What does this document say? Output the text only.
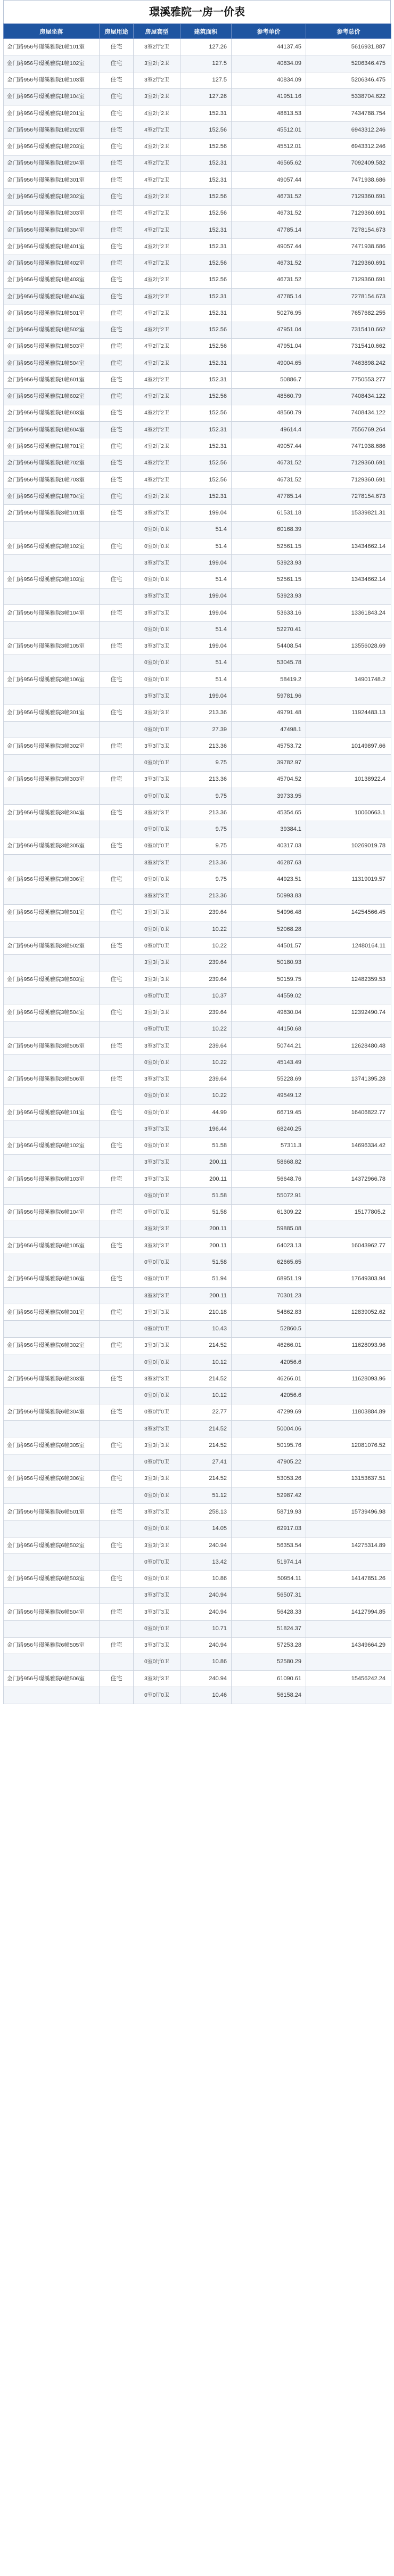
璟溪雅院一房一价表
房屋坐落	房屋用途	房屋套型	建筑面积	参考单价	参考总价
金门路956号璟溪雅院1幢101室	住宅	3室2厅2卫	127.26	44137.45	5616931.887
金门路956号璟溪雅院1幢102室	住宅	3室2厅2卫	127.5	40834.09	5206346.475
金门路956号璟溪雅院1幢103室	住宅	3室2厅2卫	127.5	40834.09	5206346.475
金门路956号璟溪雅院1幢104室	住宅	3室2厅2卫	127.26	41951.16	5338704.622
金门路956号璟溪雅院1幢201室	住宅	4室2厅2卫	152.31	48813.53	7434788.754
金门路956号璟溪雅院1幢202室	住宅	4室2厅2卫	152.56	45512.01	6943312.246
金门路956号璟溪雅院1幢203室	住宅	4室2厅2卫	152.56	45512.01	6943312.246
金门路956号璟溪雅院1幢204室	住宅	4室2厅2卫	152.31	46565.62	7092409.582
金门路956号璟溪雅院1幢301室	住宅	4室2厅2卫	152.31	49057.44	7471938.686
金门路956号璟溪雅院1幢302室	住宅	4室2厅2卫	152.56	46731.52	7129360.691
金门路956号璟溪雅院1幢303室	住宅	4室2厅2卫	152.56	46731.52	7129360.691
金门路956号璟溪雅院1幢304室	住宅	4室2厅2卫	152.31	47785.14	7278154.673
金门路956号璟溪雅院1幢401室	住宅	4室2厅2卫	152.31	49057.44	7471938.686
金门路956号璟溪雅院1幢402室	住宅	4室2厅2卫	152.56	46731.52	7129360.691
金门路956号璟溪雅院1幢403室	住宅	4室2厅2卫	152.56	46731.52	7129360.691
金门路956号璟溪雅院1幢404室	住宅	4室2厅2卫	152.31	47785.14	7278154.673
金门路956号璟溪雅院1幢501室	住宅	4室2厅2卫	152.31	50276.95	7657682.255
金门路956号璟溪雅院1幢502室	住宅	4室2厅2卫	152.56	47951.04	7315410.662
金门路956号璟溪雅院1幢503室	住宅	4室2厅2卫	152.56	47951.04	7315410.662
金门路956号璟溪雅院1幢504室	住宅	4室2厅2卫	152.31	49004.65	7463898.242
金门路956号璟溪雅院1幢601室	住宅	4室2厅2卫	152.31	50886.7	7750553.277
金门路956号璟溪雅院1幢602室	住宅	4室2厅2卫	152.56	48560.79	7408434.122
金门路956号璟溪雅院1幢603室	住宅	4室2厅2卫	152.56	48560.79	7408434.122
金门路956号璟溪雅院1幢604室	住宅	4室2厅2卫	152.31	49614.4	7556769.264
金门路956号璟溪雅院1幢701室	住宅	4室2厅2卫	152.31	49057.44	7471938.686
金门路956号璟溪雅院1幢702室	住宅	4室2厅2卫	152.56	46731.52	7129360.691
金门路956号璟溪雅院1幢703室	住宅	4室2厅2卫	152.56	46731.52	7129360.691
金门路956号璟溪雅院1幢704室	住宅	4室2厅2卫	152.31	47785.14	7278154.673
金门路956号璟溪雅院3幢101室	住宅	3室3厅3卫	199.04	61531.18	15339821.31
		0室0厅0卫	51.4	60168.39	
金门路956号璟溪雅院3幢102室	住宅	0室0厅0卫	51.4	52561.15	13434662.14
		3室3厅3卫	199.04	53923.93	
金门路956号璟溪雅院3幢103室	住宅	0室0厅0卫	51.4	52561.15	13434662.14
		3室3厅3卫	199.04	53923.93	
金门路956号璟溪雅院3幢104室	住宅	3室3厅3卫	199.04	53633.16	13361843.24
		0室0厅0卫	51.4	52270.41	
金门路956号璟溪雅院3幢105室	住宅	3室3厅3卫	199.04	54408.54	13556028.69
		0室0厅0卫	51.4	53045.78	
金门路956号璟溪雅院3幢106室	住宅	0室0厅0卫	51.4	58419.2	14901748.2
		3室3厅3卫	199.04	59781.96	
金门路956号璟溪雅院3幢301室	住宅	3室3厅3卫	213.36	49791.48	11924483.13
		0室0厅0卫	27.39	47498.1	
金门路956号璟溪雅院3幢302室	住宅	3室3厅3卫	213.36	45753.72	10149897.66
		0室0厅0卫	9.75	39782.97	
金门路956号璟溪雅院3幢303室	住宅	3室3厅3卫	213.36	45704.52	10138922.4
		0室0厅0卫	9.75	39733.95	
金门路956号璟溪雅院3幢304室	住宅	3室3厅3卫	213.36	45354.65	10060663.1
		0室0厅0卫	9.75	39384.1	
金门路956号璟溪雅院3幢305室	住宅	0室0厅0卫	9.75	40317.03	10269019.78
		3室3厅3卫	213.36	46287.63	
金门路956号璟溪雅院3幢306室	住宅	0室0厅0卫	9.75	44923.51	11319019.57
		3室3厅3卫	213.36	50993.83	
金门路956号璟溪雅院3幢501室	住宅	3室3厅3卫	239.64	54996.48	14254566.45
		0室0厅0卫	10.22	52068.28	
金门路956号璟溪雅院3幢502室	住宅	0室0厅0卫	10.22	44501.57	12480164.11
		3室3厅3卫	239.64	50180.93	
金门路956号璟溪雅院3幢503室	住宅	3室3厅3卫	239.64	50159.75	12482359.53
		0室0厅0卫	10.37	44559.02	
金门路956号璟溪雅院3幢504室	住宅	3室3厅3卫	239.64	49830.04	12392490.74
		0室0厅0卫	10.22	44150.68	
金门路956号璟溪雅院3幢505室	住宅	3室3厅3卫	239.64	50744.21	12628480.48
		0室0厅0卫	10.22	45143.49	
金门路956号璟溪雅院3幢506室	住宅	3室3厅3卫	239.64	55228.69	13741395.28
		0室0厅0卫	10.22	49549.12	
金门路956号璟溪雅院6幢101室	住宅	0室0厅0卫	44.99	66719.45	16406822.77
		3室3厅3卫	196.44	68240.25	
金门路956号璟溪雅院6幢102室	住宅	0室0厅0卫	51.58	57311.3	14696334.42
		3室3厅3卫	200.11	58668.82	
金门路956号璟溪雅院6幢103室	住宅	3室3厅3卫	200.11	56648.76	14372966.78
		0室0厅0卫	51.58	55072.91	
金门路956号璟溪雅院6幢104室	住宅	0室0厅0卫	51.58	61309.22	15177805.2
		3室3厅3卫	200.11	59885.08	
金门路956号璟溪雅院6幢105室	住宅	3室3厅3卫	200.11	64023.13	16043962.77
		0室0厅0卫	51.58	62665.65	
金门路956号璟溪雅院6幢106室	住宅	0室0厅0卫	51.94	68951.19	17649303.94
		3室3厅3卫	200.11	70301.23	
金门路956号璟溪雅院6幢301室	住宅	3室3厅3卫	210.18	54862.83	12839052.62
		0室0厅0卫	10.43	52860.5	
金门路956号璟溪雅院6幢302室	住宅	3室3厅3卫	214.52	46266.01	11628093.96
		0室0厅0卫	10.12	42056.6	
金门路956号璟溪雅院6幢303室	住宅	3室3厅3卫	214.52	46266.01	11628093.96
		0室0厅0卫	10.12	42056.6	
金门路956号璟溪雅院6幢304室	住宅	0室0厅0卫	22.77	47299.69	11803884.89
		3室3厅3卫	214.52	50004.06	
金门路956号璟溪雅院6幢305室	住宅	3室3厅3卫	214.52	50195.76	12081076.52
		0室0厅0卫	27.41	47905.22	
金门路956号璟溪雅院6幢306室	住宅	3室3厅3卫	214.52	53053.26	13153637.51
		0室0厅0卫	51.12	52987.42	
金门路956号璟溪雅院6幢501室	住宅	3室3厅3卫	258.13	58719.93	15739496.98
		0室0厅0卫	14.05	62917.03	
金门路956号璟溪雅院6幢502室	住宅	3室3厅3卫	240.94	56353.54	14275314.89
		0室0厅0卫	13.42	51974.14	
金门路956号璟溪雅院6幢503室	住宅	0室0厅0卫	10.86	50954.11	14147851.26
		3室3厅3卫	240.94	56507.31	
金门路956号璟溪雅院6幢504室	住宅	3室3厅3卫	240.94	56428.33	14127994.85
		0室0厅0卫	10.71	51824.37	
金门路956号璟溪雅院6幢505室	住宅	3室3厅3卫	240.94	57253.28	14349664.29
		0室0厅0卫	10.86	52580.29	
金门路956号璟溪雅院6幢506室	住宅	3室3厅3卫	240.94	61090.61	15456242.24
		0室0厅0卫	10.46	56158.24	
